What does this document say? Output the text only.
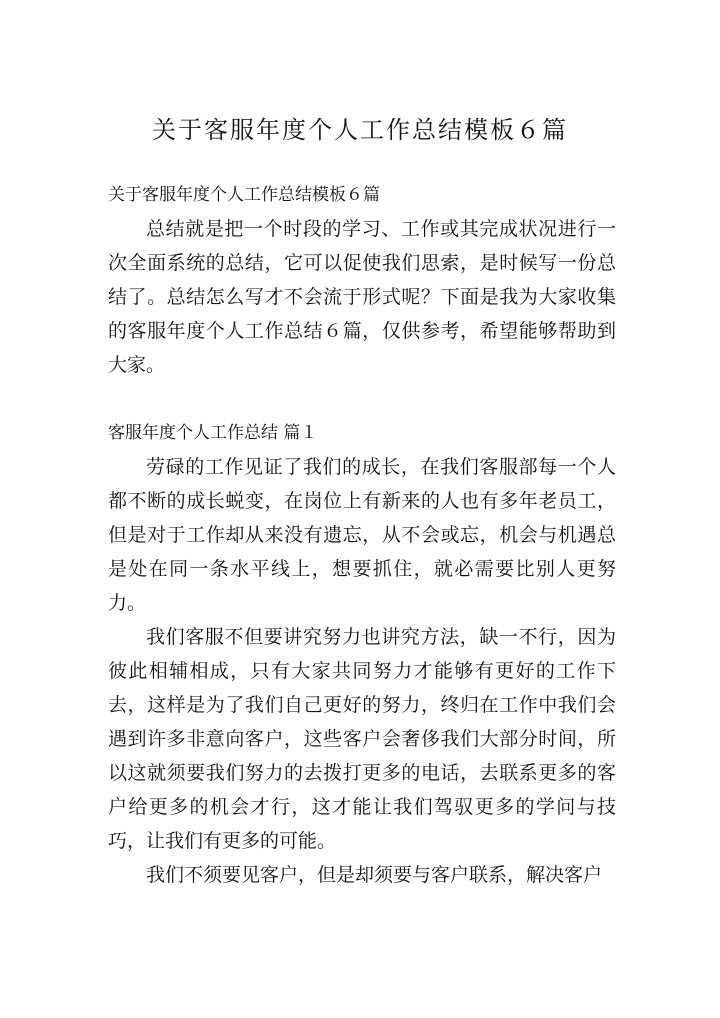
关于客服年度个人工作总结模板６篇
关于客服年度个人工作总结模板６篇

总结就是把一个时段的学习、工作或其完成状况进行一次全面系统的总结，它可以促使我们思索，是时候写一份总结了。总结怎么写才不会流于形式呢？下面是我为大家收集的客服年度个人工作总结６篇，仅供参考，希望能够帮助到大家。

客服年度个人工作总结 篇１

劳碌的工作见证了我们的成长，在我们客服部每一个人都不断的成长蜕变，在岗位上有新来的人也有多年老员工，但是对于工作却从来没有遗忘，从不会或忘，机会与机遇总是处在同一条水平线上，想要抓住，就必需要比别人更努力。

我们客服不但要讲究努力也讲究方法，缺一不行，因为彼此相辅相成，只有大家共同努力才能够有更好的工作下去，这样是为了我们自己更好的努力，终归在工作中我们会遇到许多非意向客户，这些客户会奢侈我们大部分时间，所以这就须要我们努力的去拨打更多的电话，去联系更多的客户给更多的机会才行，这才能让我们驾驭更多的学问与技巧，让我们有更多的可能。

我们不须要见客户，但是却须要与客户联系，解决客户
